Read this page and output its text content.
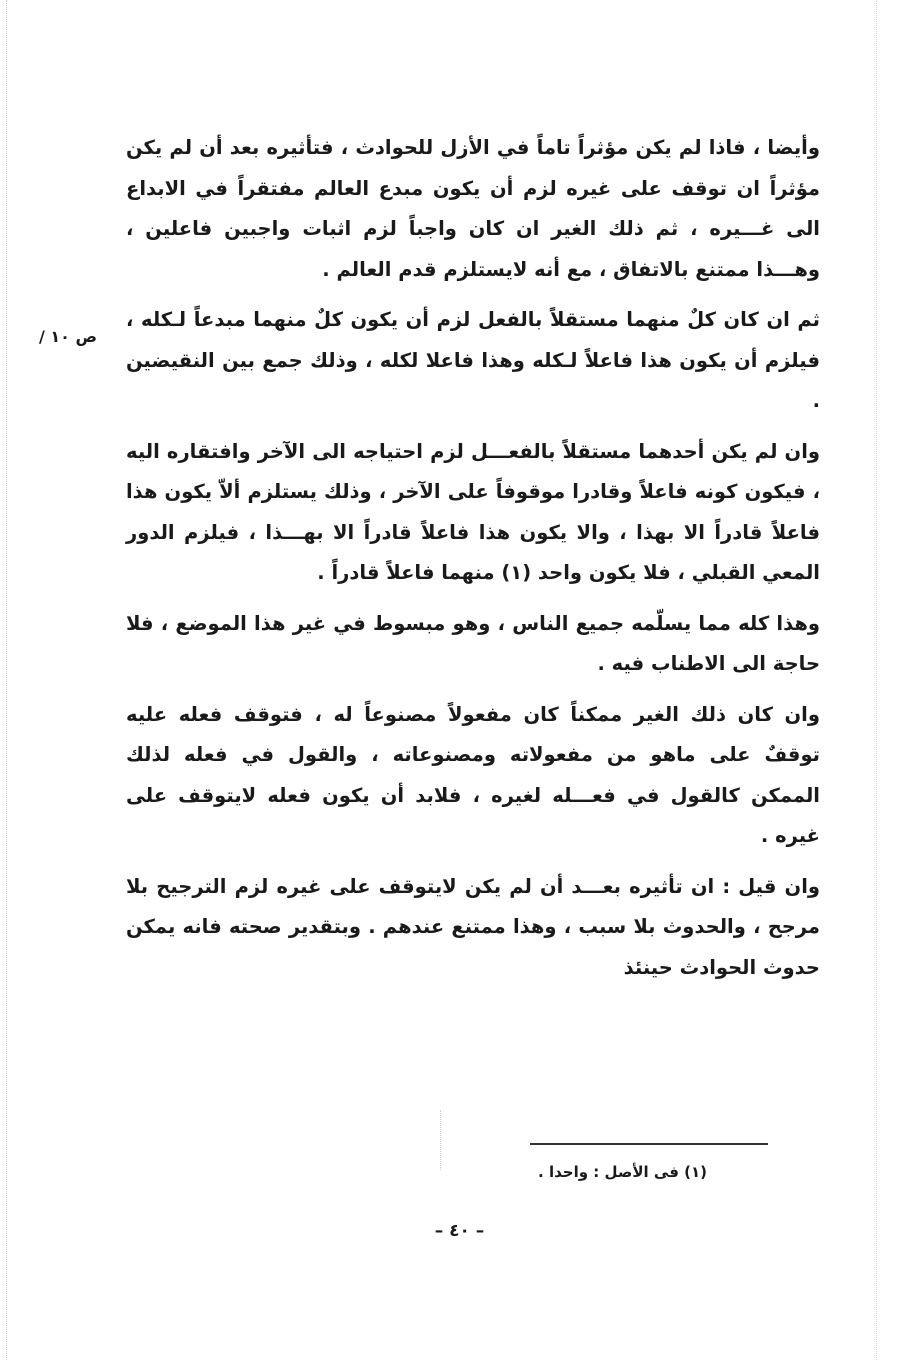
ص ١٠ /

وأيضا ، فاذا لم يكن مؤثراً تاماً في الأزل للحوادث ، فتأثيره بعد أن لم يكن مؤثراً ان توقف على غيره لزم أن يكون مبدع العالم مفتقراً في الابداع الى غـــيره ، ثم ذلك الغير ان كان واجباً لزم اثبات واجبين فاعلين ، وهـــذا ممتنع بالاتفاق ، مع أنه لايستلزم قدم العالم .

ثم ان كان كلٌ منهما مستقلاً بالفعل لزم أن يكون كلٌ منهما مبدعاً لـكله ، فيلزم أن يكون هذا فاعلاً لـكله وهذا فاعلا لكله ، وذلك جمع بين النقيضين .

وان لم يكن أحدهما مستقلاً بالفعـــل لزم احتياجه الى الآخر وافتقاره اليه ، فيكون كونه فاعلاً وقادرا موقوفاً على الآخر ، وذلك يستلزم ألاّ يكون هذا فاعلاً قادراً الا بهذا ، والا يكون هذا فاعلاً قادراً الا بهـــذا ، فيلزم الدور المعي القبلي ، فلا يكون واحد (١) منهما فاعلاً قادراً .

وهذا كله مما يسلّمه جميع الناس ، وهو مبسوط في غير هذا الموضع ، فلا حاجة الى الاطناب فيه .

وان كان ذلك الغير ممكناً كان مفعولاً مصنوعاً له ، فتوقف فعله عليه توقفٌ على ماهو من مفعولاته ومصنوعاته ، والقول في فعله لذلك الممكن كالقول في فعـــله لغيره ، فلابد أن يكون فعله لايتوقف على غيره .

وان قيل : ان تأثيره بعـــد أن لم يكن لايتوقف على غيره لزم الترجيح بلا مرجح ، والحدوث بلا سبب ، وهذا ممتنع عندهم . وبتقدير صحته فانه يمكن حدوث الحوادث حينئذ

(١) فى الأصل : واحدا .
– ٤٠ –
